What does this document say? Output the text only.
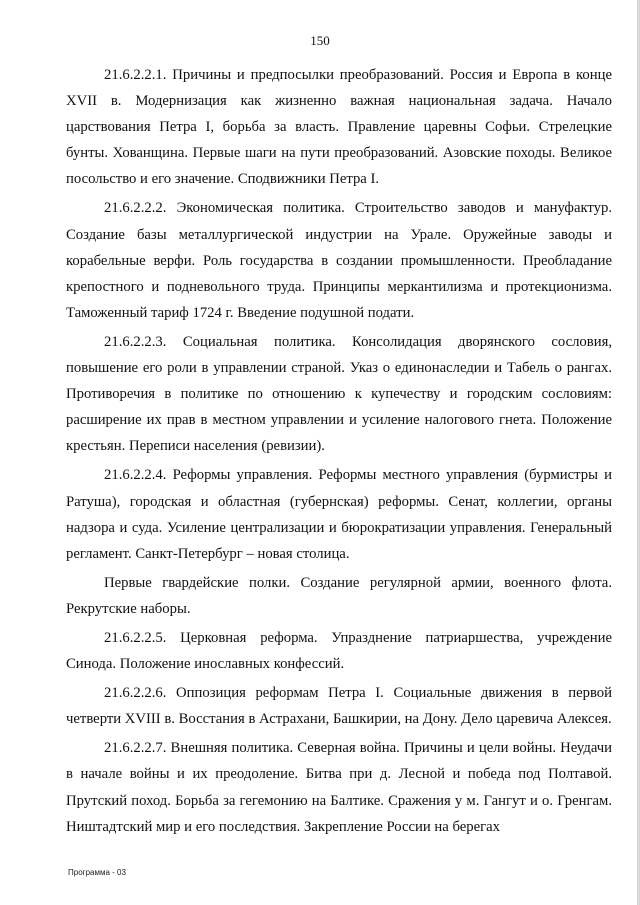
150

21.6.2.2.1. Причины и предпосылки преобразований. Россия и Европа в конце XVII в. Модернизация как жизненно важная национальная задача. Начало царствования Петра I, борьба за власть. Правление царевны Софьи. Стрелецкие бунты. Хованщина. Первые шаги на пути преобразований. Азовские походы. Великое посольство и его значение. Сподвижники Петра I.

21.6.2.2.2. Экономическая политика. Строительство заводов и мануфактур. Создание базы металлургической индустрии на Урале. Оружейные заводы и корабельные верфи. Роль государства в создании промышленности. Преобладание крепостного и подневольного труда. Принципы меркантилизма и протекционизма. Таможенный тариф 1724 г. Введение подушной подати.

21.6.2.2.3. Социальная политика. Консолидация дворянского сословия, повышение его роли в управлении страной. Указ о единонаследии и Табель о рангах. Противоречия в политике по отношению к купечеству и городским сословиям: расширение их прав в местном управлении и усиление налогового гнета. Положение крестьян. Переписи населения (ревизии).

21.6.2.2.4. Реформы управления. Реформы местного управления (бурмистры и Ратуша), городская и областная (губернская) реформы. Сенат, коллегии, органы надзора и суда. Усиление централизации и бюрократизации управления. Генеральный регламент. Санкт-Петербург – новая столица.

Первые гвардейские полки. Создание регулярной армии, военного флота. Рекрутские наборы.

21.6.2.2.5. Церковная реформа. Упразднение патриаршества, учреждение Синода. Положение инославных конфессий.

21.6.2.2.6. Оппозиция реформам Петра I. Социальные движения в первой четверти XVIII в. Восстания в Астрахани, Башкирии, на Дону. Дело царевича Алексея.

21.6.2.2.7. Внешняя политика. Северная война. Причины и цели войны. Неудачи в начале войны и их преодоление. Битва при д. Лесной и победа под Полтавой. Прутский поход. Борьба за гегемонию на Балтике. Сражения у м. Гангут и о. Гренгам. Ништадтский мир и его последствия. Закрепление России на берегах

Программа - 03
